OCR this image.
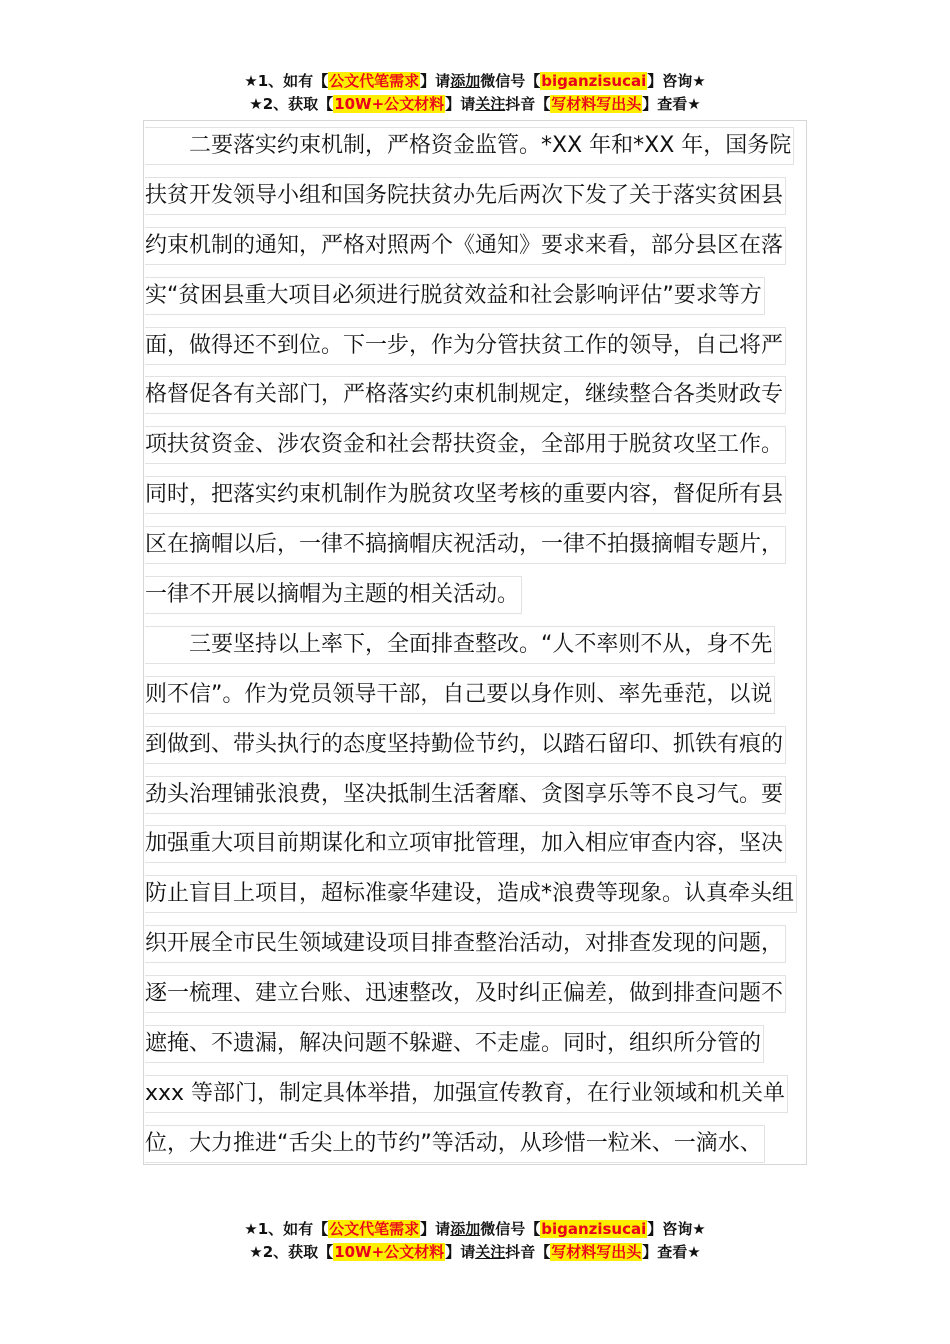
★1、如有【公文代笔需求】请添加微信号【biganzisucai】咨询★
★2、获取【10W+公文材料】请关注抖音【写材料写出头】查看★
二要落实约束机制，严格资金监管。*XX 年和*XX 年，国务院
扶贫开发领导小组和国务院扶贫办先后两次下发了关于落实贫困县
约束机制的通知，严格对照两个《通知》要求来看，部分县区在落
实“贫困县重大项目必须进行脱贫效益和社会影响评估”要求等方
面，做得还不到位。下一步，作为分管扶贫工作的领导，自己将严
格督促各有关部门，严格落实约束机制规定，继续整合各类财政专
项扶贫资金、涉农资金和社会帮扶资金，全部用于脱贫攻坚工作。
同时，把落实约束机制作为脱贫攻坚考核的重要内容，督促所有县
区在摘帽以后，一律不搞摘帽庆祝活动，一律不拍摄摘帽专题片，
一律不开展以摘帽为主题的相关活动。
三要坚持以上率下，全面排查整改。“人不率则不从，身不先
则不信”。作为党员领导干部，自己要以身作则、率先垂范，以说
到做到、带头执行的态度坚持勤俭节约，以踏石留印、抓铁有痕的
劲头治理铺张浪费，坚决抵制生活奢靡、贪图享乐等不良习气。要
加强重大项目前期谋化和立项审批管理，加入相应审查内容，坚决
防止盲目上项目，超标准豪华建设，造成*浪费等现象。认真牵头组
织开展全市民生领域建设项目排查整治活动，对排查发现的问题，
逐一梳理、建立台账、迅速整改，及时纠正偏差，做到排查问题不
遮掩、不遗漏，解决问题不躲避、不走虚。同时，组织所分管的
xxx 等部门，制定具体举措，加强宣传教育，在行业领域和机关单
位，大力推进“舌尖上的节约”等活动，从珍惜一粒米、一滴水、
★1、如有【公文代笔需求】请添加微信号【biganzisucai】咨询★
★2、获取【10W+公文材料】请关注抖音【写材料写出头】查看★
